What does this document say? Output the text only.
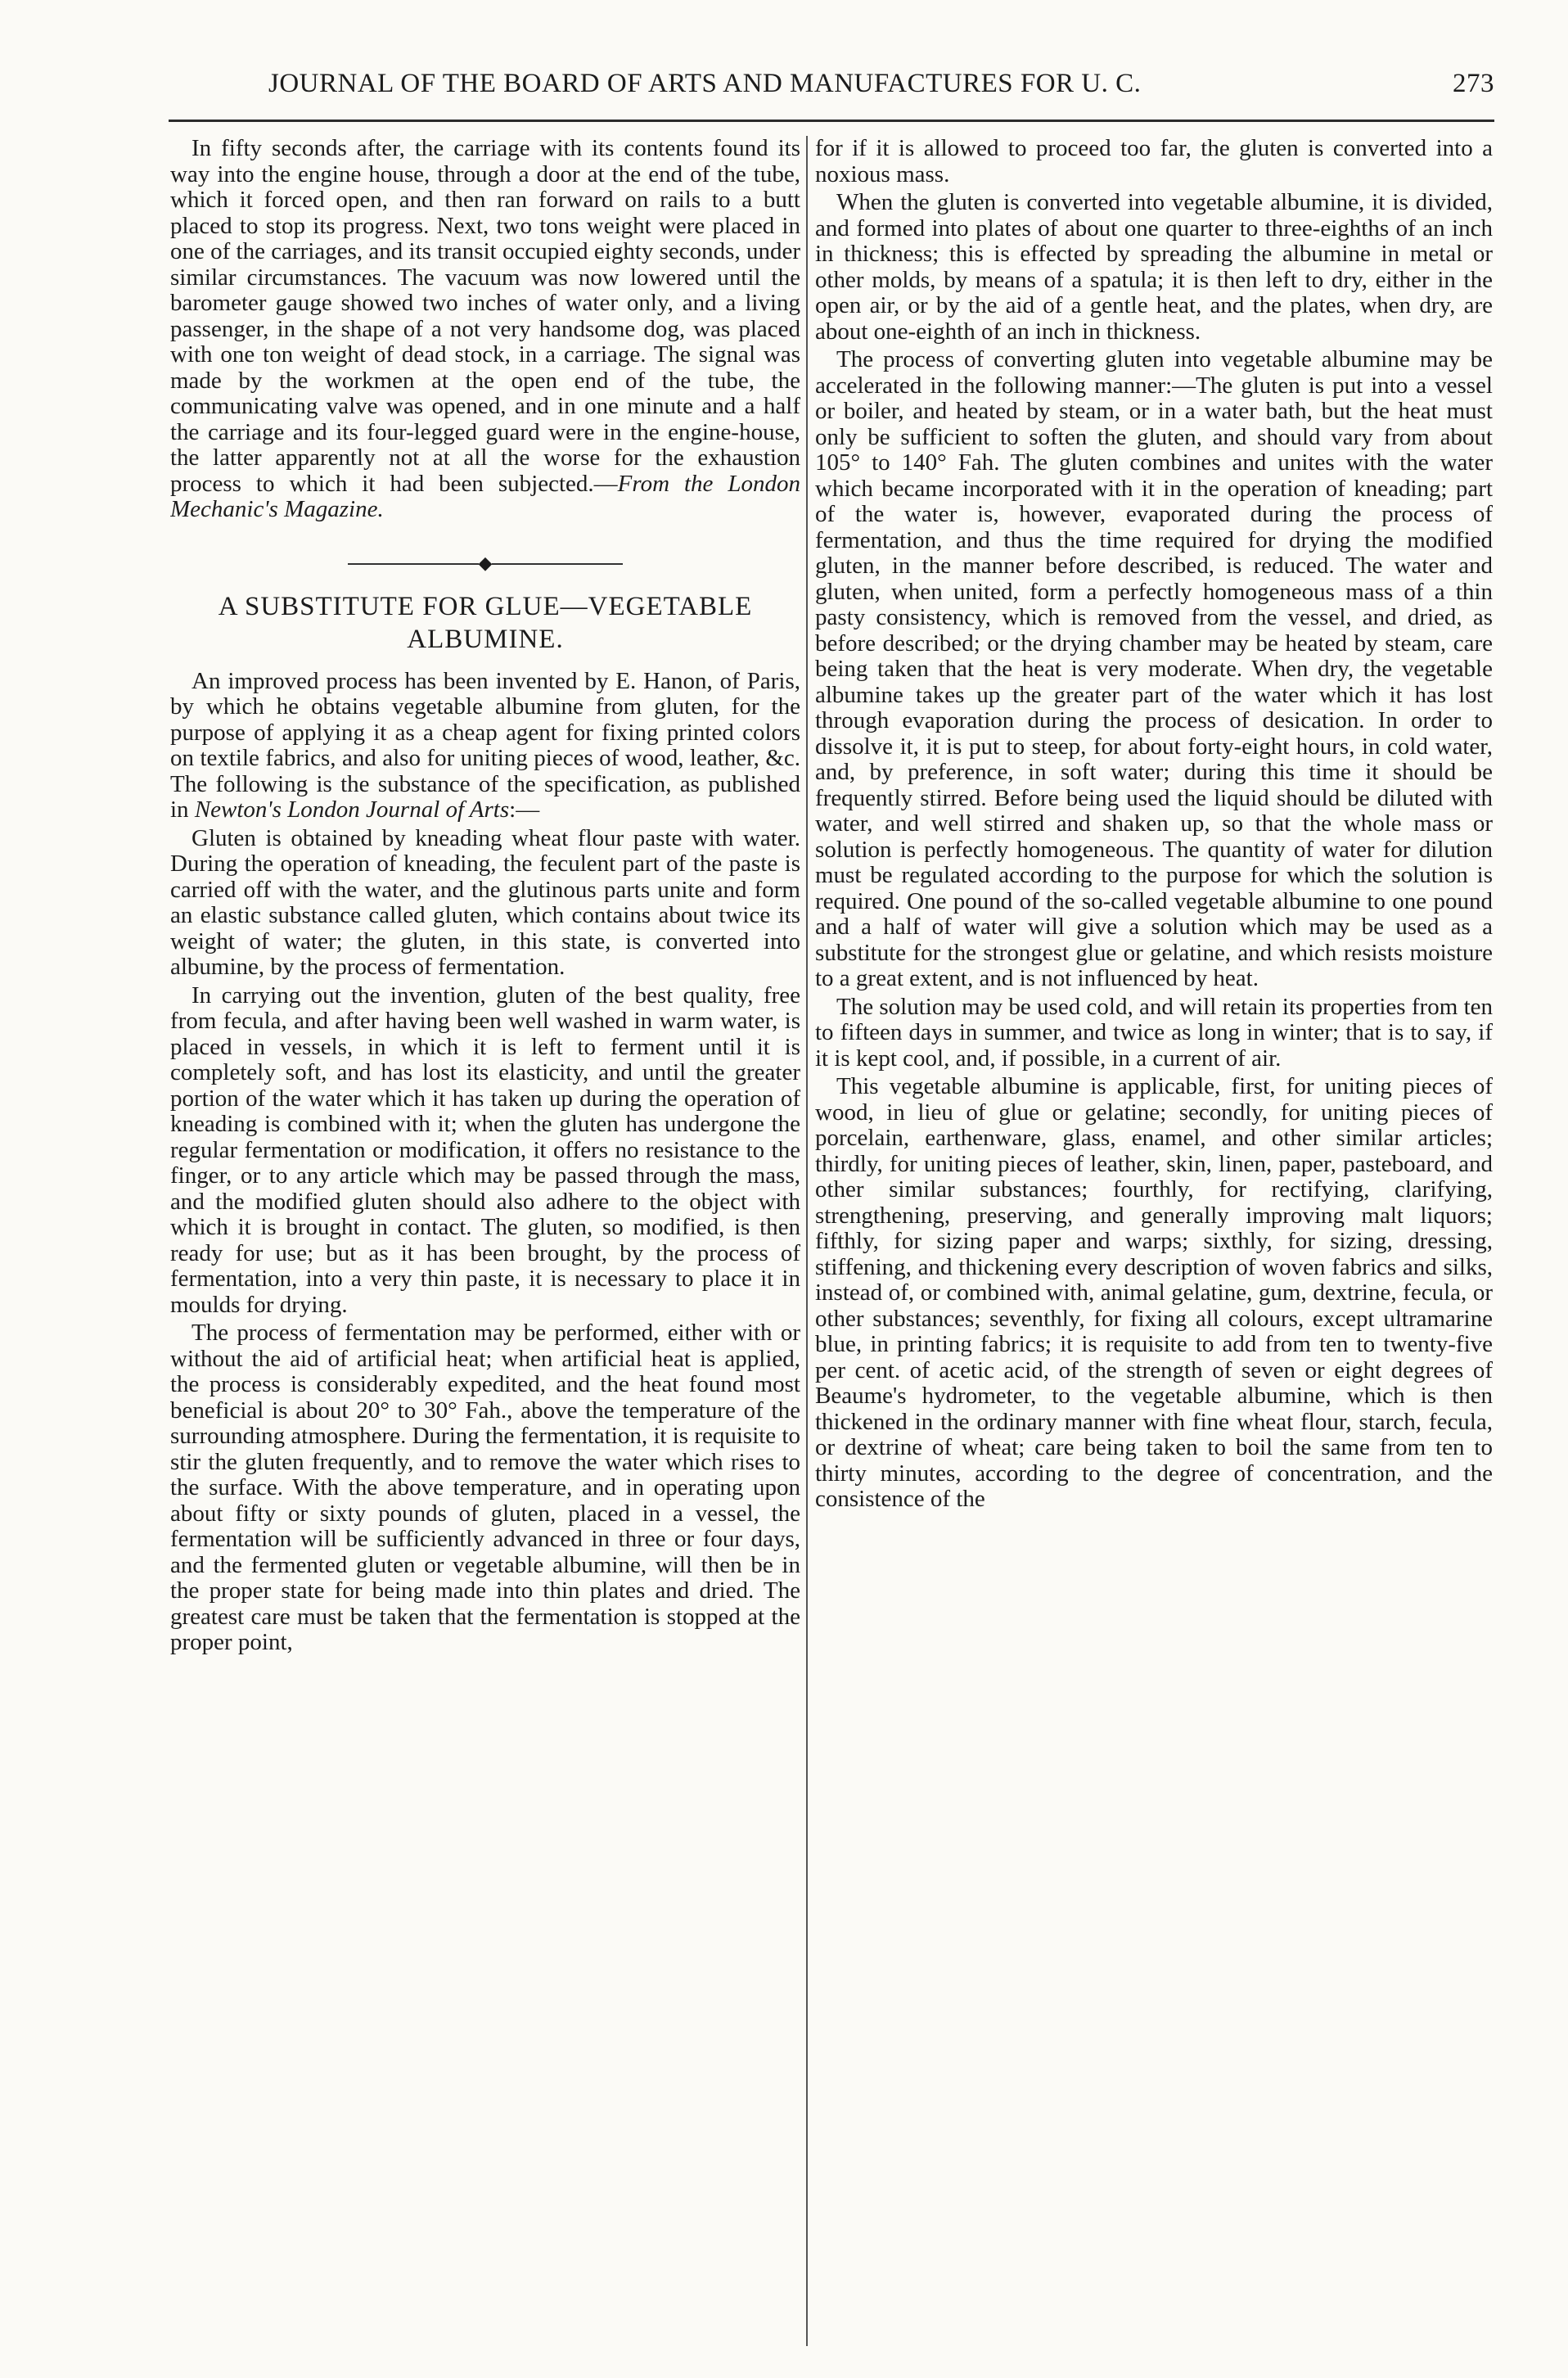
JOURNAL OF THE BOARD OF ARTS AND MANUFACTURES FOR U. C.	273

In fifty seconds after, the carriage with its contents found its way into the engine house, through a door at the end of the tube, which it forced open, and then ran forward on rails to a butt placed to stop its progress. Next, two tons weight were placed in one of the carriages, and its transit occupied eighty seconds, under similar circumstances. The vacuum was now lowered until the barometer gauge showed two inches of water only, and a living passenger, in the shape of a not very handsome dog, was placed with one ton weight of dead stock, in a carriage. The signal was made by the workmen at the open end of the tube, the communicating valve was opened, and in one minute and a half the carriage and its four-legged guard were in the engine-house, the latter apparently not at all the worse for the exhaustion process to which it had been subjected.—From the London Mechanic's Magazine.

◆
A SUBSTITUTE FOR GLUE—VEGETABLE ALBUMINE.

An improved process has been invented by E. Hanon, of Paris, by which he obtains vegetable albumine from gluten, for the purpose of applying it as a cheap agent for fixing printed colors on textile fabrics, and also for uniting pieces of wood, leather, &c. The following is the substance of the specification, as published in Newton's London Journal of Arts:—

Gluten is obtained by kneading wheat flour paste with water. During the operation of kneading, the feculent part of the paste is carried off with the water, and the glutinous parts unite and form an elastic substance called gluten, which contains about twice its weight of water; the gluten, in this state, is converted into albumine, by the process of fermentation.

In carrying out the invention, gluten of the best quality, free from fecula, and after having been well washed in warm water, is placed in vessels, in which it is left to ferment until it is completely soft, and has lost its elasticity, and until the greater portion of the water which it has taken up during the operation of kneading is combined with it; when the gluten has undergone the regular fermentation or modification, it offers no resistance to the finger, or to any article which may be passed through the mass, and the modified gluten should also adhere to the object with which it is brought in contact. The gluten, so modified, is then ready for use; but as it has been brought, by the process of fermentation, into a very thin paste, it is necessary to place it in moulds for drying.

The process of fermentation may be performed, either with or without the aid of artificial heat; when artificial heat is applied, the process is considerably expedited, and the heat found most beneficial is about 20° to 30° Fah., above the temperature of the surrounding atmosphere. During the fermentation, it is requisite to stir the gluten frequently, and to remove the water which rises to the surface. With the above temperature, and in operating upon about fifty or sixty pounds of gluten, placed in a vessel, the fermentation will be sufficiently advanced in three or four days, and the fermented gluten or vegetable albumine, will then be in the proper state for being made into thin plates and dried. The greatest care must be taken that the fermentation is stopped at the proper point,

for if it is allowed to proceed too far, the gluten is converted into a noxious mass.

When the gluten is converted into vegetable albumine, it is divided, and formed into plates of about one quarter to three-eighths of an inch in thickness; this is effected by spreading the albumine in metal or other molds, by means of a spatula; it is then left to dry, either in the open air, or by the aid of a gentle heat, and the plates, when dry, are about one-eighth of an inch in thickness.

The process of converting gluten into vegetable albumine may be accelerated in the following manner:—The gluten is put into a vessel or boiler, and heated by steam, or in a water bath, but the heat must only be sufficient to soften the gluten, and should vary from about 105° to 140° Fah. The gluten combines and unites with the water which became incorporated with it in the operation of kneading; part of the water is, however, evaporated during the process of fermentation, and thus the time required for drying the modified gluten, in the manner before described, is reduced. The water and gluten, when united, form a perfectly homogeneous mass of a thin pasty consistency, which is removed from the vessel, and dried, as before described; or the drying chamber may be heated by steam, care being taken that the heat is very moderate. When dry, the vegetable albumine takes up the greater part of the water which it has lost through evaporation during the process of desication. In order to dissolve it, it is put to steep, for about forty-eight hours, in cold water, and, by preference, in soft water; during this time it should be frequently stirred. Before being used the liquid should be diluted with water, and well stirred and shaken up, so that the whole mass or solution is perfectly homogeneous. The quantity of water for dilution must be regulated according to the purpose for which the solution is required. One pound of the so-called vegetable albumine to one pound and a half of water will give a solution which may be used as a substitute for the strongest glue or gelatine, and which resists moisture to a great extent, and is not influenced by heat.

The solution may be used cold, and will retain its properties from ten to fifteen days in summer, and twice as long in winter; that is to say, if it is kept cool, and, if possible, in a current of air.

This vegetable albumine is applicable, first, for uniting pieces of wood, in lieu of glue or gelatine; secondly, for uniting pieces of porcelain, earthenware, glass, enamel, and other similar articles; thirdly, for uniting pieces of leather, skin, linen, paper, pasteboard, and other similar substances; fourthly, for rectifying, clarifying, strengthening, preserving, and generally improving malt liquors; fifthly, for sizing paper and warps; sixthly, for sizing, dressing, stiffening, and thickening every description of woven fabrics and silks, instead of, or combined with, animal gelatine, gum, dextrine, fecula, or other substances; seventhly, for fixing all colours, except ultramarine blue, in printing fabrics; it is requisite to add from ten to twenty-five per cent. of acetic acid, of the strength of seven or eight degrees of Beaume's hydrometer, to the vegetable albumine, which is then thickened in the ordinary manner with fine wheat flour, starch, fecula, or dextrine of wheat; care being taken to boil the same from ten to thirty minutes, according to the degree of concentration, and the consistence of the
